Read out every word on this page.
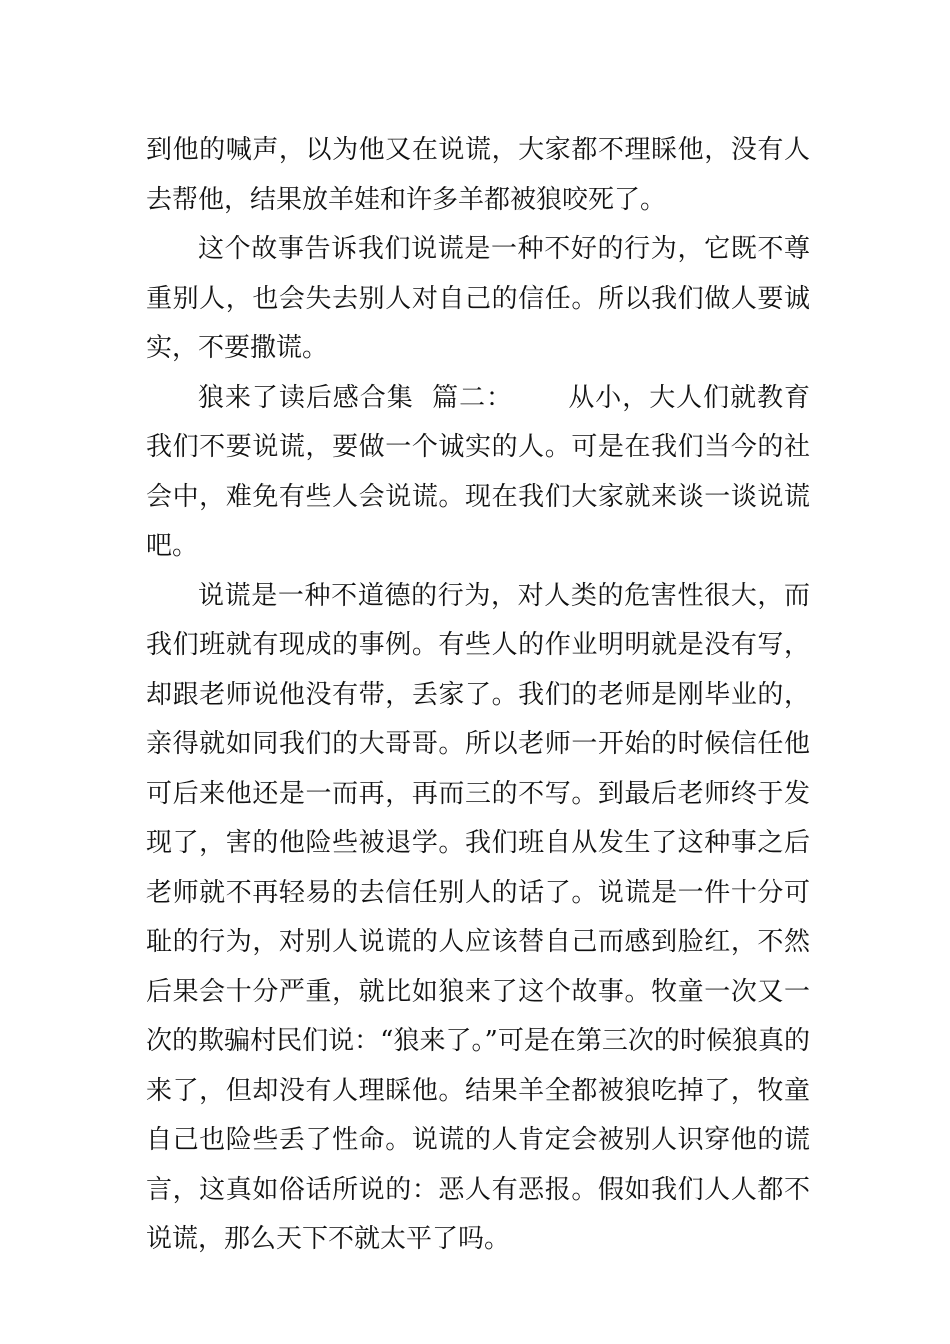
到他的喊声，以为他又在说谎，大家都不理睬他，没有人去帮他，结果放羊娃和许多羊都被狼咬死了。

这个故事告诉我们说谎是一种不好的行为，它既不尊重别人，也会失去别人对自己的信任。所以我们做人要诚实，不要撒谎。

狼来了读后感合集  篇二： 从小，大人们就教育我们不要说谎，要做一个诚实的人。可是在我们当今的社会中，难免有些人会说谎。现在我们大家就来谈一谈说谎吧。

说谎是一种不道德的行为，对人类的危害性很大，而我们班就有现成的事例。有些人的作业明明就是没有写，却跟老师说他没有带，丢家了。我们的老师是刚毕业的，亲得就如同我们的大哥哥。所以老师一开始的时候信任他可后来他还是一而再，再而三的不写。到最后老师终于发现了，害的他险些被退学。我们班自从发生了这种事之后老师就不再轻易的去信任别人的话了。说谎是一件十分可耻的行为，对别人说谎的人应该替自己而感到脸红，不然后果会十分严重，就比如狼来了这个故事。牧童一次又一次的欺骗村民们说：“狼来了。”可是在第三次的时候狼真的来了，但却没有人理睬他。结果羊全都被狼吃掉了，牧童自己也险些丢了性命。说谎的人肯定会被别人识穿他的谎言，这真如俗话所说的：恶人有恶报。假如我们人人都不说谎，那么天下不就太平了吗。
